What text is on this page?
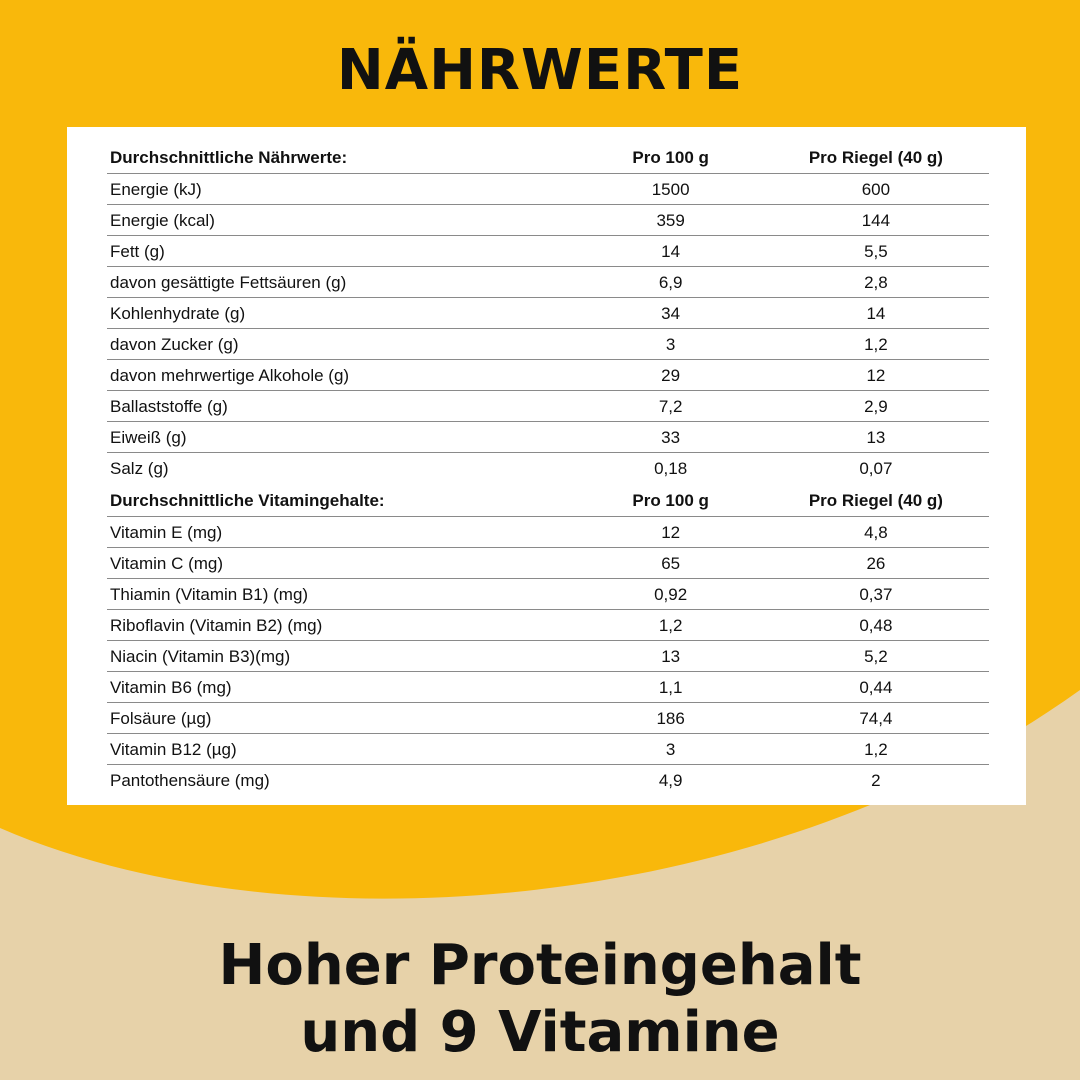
NÄHRWERTE
Durchschnittliche Nährwerte:	Pro 100 g	Pro Riegel (40 g)
Energie (kJ)	1500	600
Energie (kcal)	359	144
Fett (g)	14	5,5
davon gesättigte Fettsäuren (g)	6,9	2,8
Kohlenhydrate (g)	34	14
davon Zucker (g)	3	1,2
davon mehrwertige Alkohole (g)	29	12
Ballaststoffe (g)	7,2	2,9
Eiweiß (g)	33	13
Salz (g)	0,18	0,07
Durchschnittliche Vitamingehalte:	Pro 100 g	Pro Riegel (40 g)
Vitamin E (mg)	12	4,8
Vitamin C (mg)	65	26
Thiamin (Vitamin B1) (mg)	0,92	0,37
Riboflavin (Vitamin B2) (mg)	1,2	0,48
Niacin (Vitamin B3)(mg)	13	5,2
Vitamin B6 (mg)	1,1	0,44
Folsäure (µg)	186	74,4
Vitamin B12 (µg)	3	1,2
Pantothensäure (mg)	4,9	2
Hoher Proteingehalt
und 9 Vitamine
